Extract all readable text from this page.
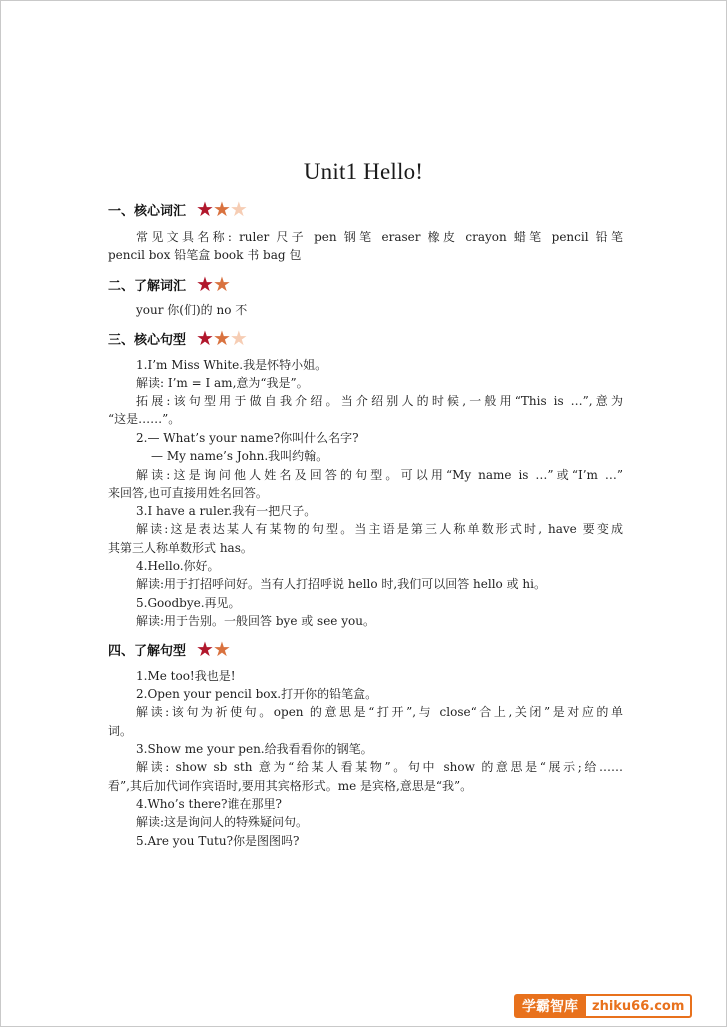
Unit1 Hello!
一、核心词汇 ★ ★ ★
常见文具名称: ruler 尺子 pen 钢笔 eraser 橡皮 crayon 蜡笔 pencil 铅笔
pencil box 铅笔盒 book 书 bag 包
二、了解词汇 ★ ★
your 你(们)的 no 不
三、核心句型 ★ ★ ★
1.I’m Miss White.我是怀特小姐。
解读: I’m = I am,意为“我是”。
拓展:该句型用于做自我介绍。当介绍别人的时候,一般用“This is …”,意为
“这是……”。
2.— What’s your name?你叫什么名字?
— My name’s John.我叫约翰。
解读:这是询问他人姓名及回答的句型。可以用“My name is …”或“I’m …”
来回答,也可直接用姓名回答。
3.I have a ruler.我有一把尺子。
解读:这是表达某人有某物的句型。当主语是第三人称单数形式时, have 要变成
其第三人称单数形式 has。
4.Hello.你好。
解读:用于打招呼问好。当有人打招呼说 hello 时,我们可以回答 hello 或 hi。
5.Goodbye.再见。
解读:用于告别。一般回答 bye 或 see you。
四、了解句型 ★ ★
1.Me too!我也是!
2.Open your pencil box.打开你的铅笔盒。
解读:该句为祈使句。open 的意思是“打开”,与 close“合上,关闭”是对应的单
词。
3.Show me your pen.给我看看你的钢笔。
解读: show sb sth 意为“给某人看某物”。句中 show 的意思是“展示;给……
看”,其后加代词作宾语时,要用其宾格形式。me 是宾格,意思是“我”。
4.Who’s there?谁在那里?
解读:这是询问人的特殊疑问句。
5.Are you Tutu?你是图图吗?
学霸智库	zhiku66.com
